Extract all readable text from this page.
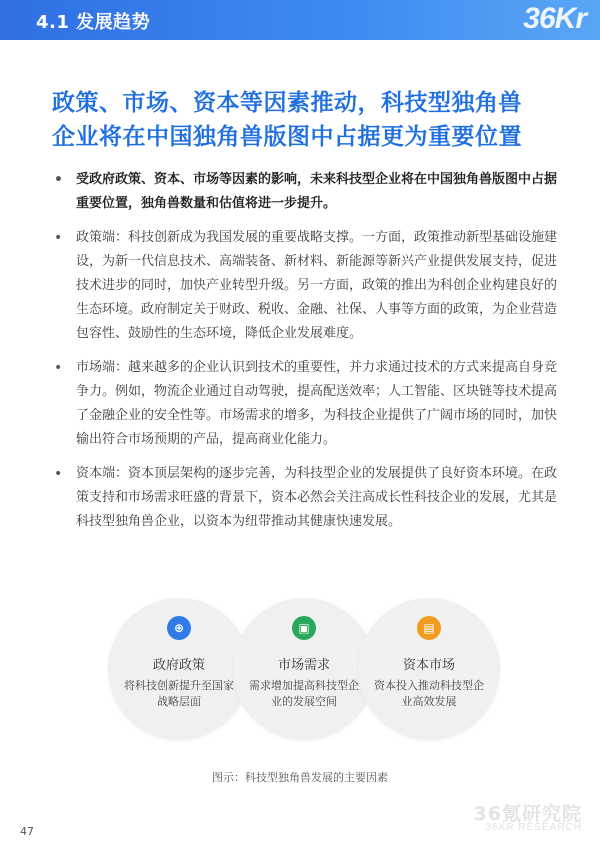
4.1 发展趋势	36Kr
政策、市场、资本等因素推动，科技型独角兽
企业将在中国独角兽版图中占据更为重要位置
• 受政府政策、资本、市场等因素的影响，未来科技型企业将在中国独角兽版图中占据重要位置，独角兽数量和估值将进一步提升。
• 政策端：科技创新成为我国发展的重要战略支撑。一方面，政策推动新型基础设施建设，为新一代信息技术、高端装备、新材料、新能源等新兴产业提供发展支持，促进技术进步的同时，加快产业转型升级。另一方面，政策的推出为科创企业构建良好的生态环境。政府制定关于财政、税收、金融、社保、人事等方面的政策，为企业营造包容性、鼓励性的生态环境，降低企业发展难度。
• 市场端：越来越多的企业认识到技术的重要性，并力求通过技术的方式来提高自身竞争力。例如，物流企业通过自动驾驶，提高配送效率；人工智能、区块链等技术提高了金融企业的安全性等。市场需求的增多，为科技企业提供了广阔市场的同时，加快输出符合市场预期的产品，提高商业化能力。
• 资本端：资本顶层架构的逐步完善，为科技型企业的发展提供了良好资本环境。在政策支持和市场需求旺盛的背景下，资本必然会关注高成长性科技企业的发展，尤其是科技型独角兽企业，以资本为纽带推动其健康快速发展。
⊕
政府政策
将科技创新提升至国家战略层面
▣
市场需求
需求增加提高科技型企业的发展空间
▤
资本市场
资本投入推动科技型企业高效发展
图示：科技型独角兽发展的主要因素
36氪研究院
36KR RESEARCH
47
